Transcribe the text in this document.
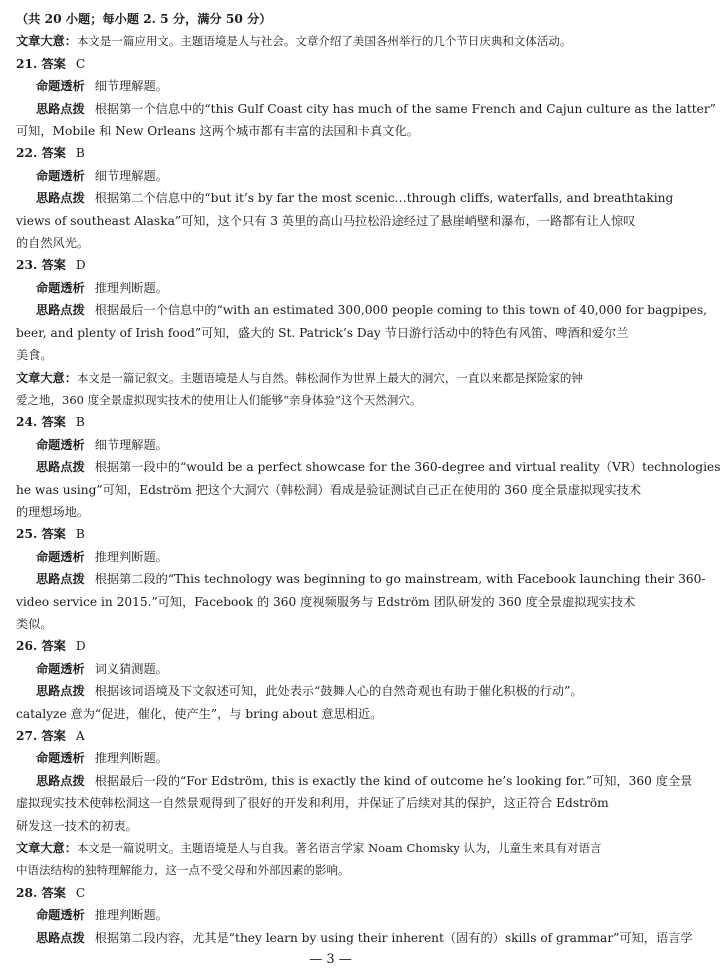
（共 20 小题；每小题 2. 5 分，满分 50 分）
文章大意：本文是一篇应用文。主题语境是人与社会。文章介绍了美国各州举行的几个节日庆典和文体活动。
21. 答案 C
命题透析 细节理解题。
思路点拨 根据第一个信息中的“this Gulf Coast city has much of the same French and Cajun culture as the latter”
可知，Mobile 和 New Orleans 这两个城市都有丰富的法国和卡真文化。
22. 答案 B
命题透析 细节理解题。
思路点拨 根据第二个信息中的“but it’s by far the most scenic…through cliffs, waterfalls, and breathtaking
views of southeast Alaska”可知，这个只有 3 英里的高山马拉松沿途经过了悬崖峭壁和瀑布，一路都有让人惊叹
的自然风光。
23. 答案 D
命题透析 推理判断题。
思路点拨 根据最后一个信息中的“with an estimated 300,000 people coming to this town of 40,000 for bagpipes,
beer, and plenty of Irish food”可知，盛大的 St. Patrick’s Day 节日游行活动中的特色有风笛、啤酒和爱尔兰
美食。
文章大意：本文是一篇记叙文。主题语境是人与自然。韩松洞作为世界上最大的洞穴，一直以来都是探险家的钟
爱之地，360 度全景虚拟现实技术的使用让人们能够“亲身体验”这个天然洞穴。
24. 答案 B
命题透析 细节理解题。
思路点拨 根据第一段中的“would be a perfect showcase for the 360-degree and virtual reality（VR）technologies
he was using”可知，Edström 把这个大洞穴（韩松洞）看成是验证测试自己正在使用的 360 度全景虚拟现实技术
的理想场地。
25. 答案 B
命题透析 推理判断题。
思路点拨 根据第二段的“This technology was beginning to go mainstream, with Facebook launching their 360-
video service in 2015.”可知，Facebook 的 360 度视频服务与 Edström 团队研发的 360 度全景虚拟现实技术
类似。
26. 答案 D
命题透析 词义猜测题。
思路点拨 根据该词语境及下文叙述可知，此处表示“鼓舞人心的自然奇观也有助于催化积极的行动”。
catalyze 意为“促进，催化，使产生”，与 bring about 意思相近。
27. 答案 A
命题透析 推理判断题。
思路点拨 根据最后一段的“For Edström, this is exactly the kind of outcome he’s looking for.”可知，360 度全景
虚拟现实技术使韩松洞这一自然景观得到了很好的开发和利用，并保证了后续对其的保护，这正符合 Edström
研发这一技术的初衷。
文章大意：本文是一篇说明文。主题语境是人与自我。著名语言学家 Noam Chomsky 认为，儿童生来具有对语言
中语法结构的独特理解能力，这一点不受父母和外部因素的影响。
28. 答案 C
命题透析 推理判断题。
思路点拨 根据第二段内容，尤其是“they learn by using their inherent（固有的）skills of grammar”可知，语言学
— 3 —
